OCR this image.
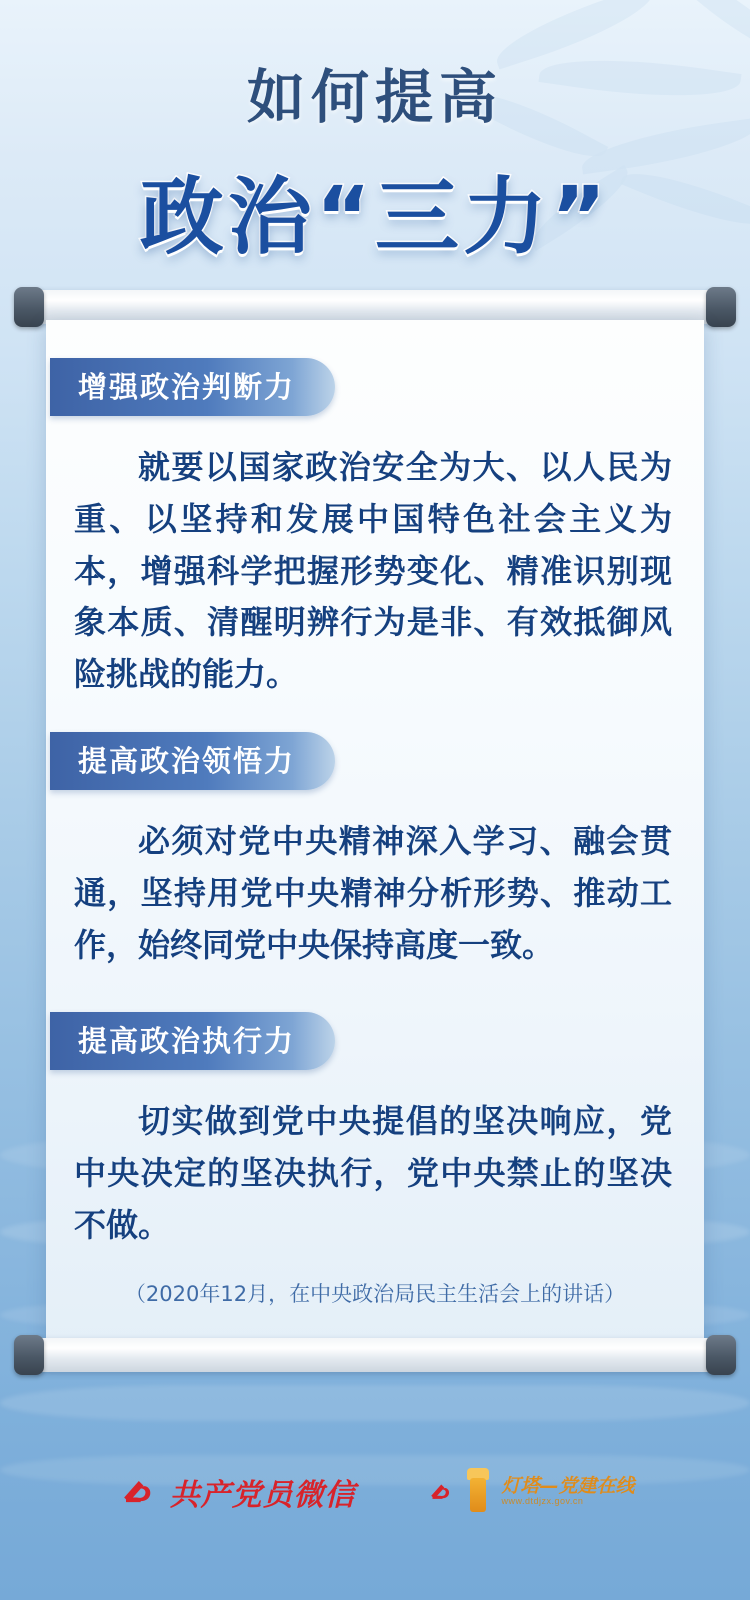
如何提高
政治“三力”
增强政治判断力
就要以国家政治安全为大、以人民为重、以坚持和发展中国特色社会主义为本，增强科学把握形势变化、精准识别现象本质、清醒明辨行为是非、有效抵御风险挑战的能力。
提高政治领悟力
必须对党中央精神深入学习、融会贯通，坚持用党中央精神分析形势、推动工作，始终同党中央保持高度一致。
提高政治执行力
切实做到党中央提倡的坚决响应，党中央决定的坚决执行，党中央禁止的坚决不做。
（2020年12月，在中央政治局民主生活会上的讲话）
共产党员微信	灯塔—党建在线
www.dtdjzx.gov.cn
